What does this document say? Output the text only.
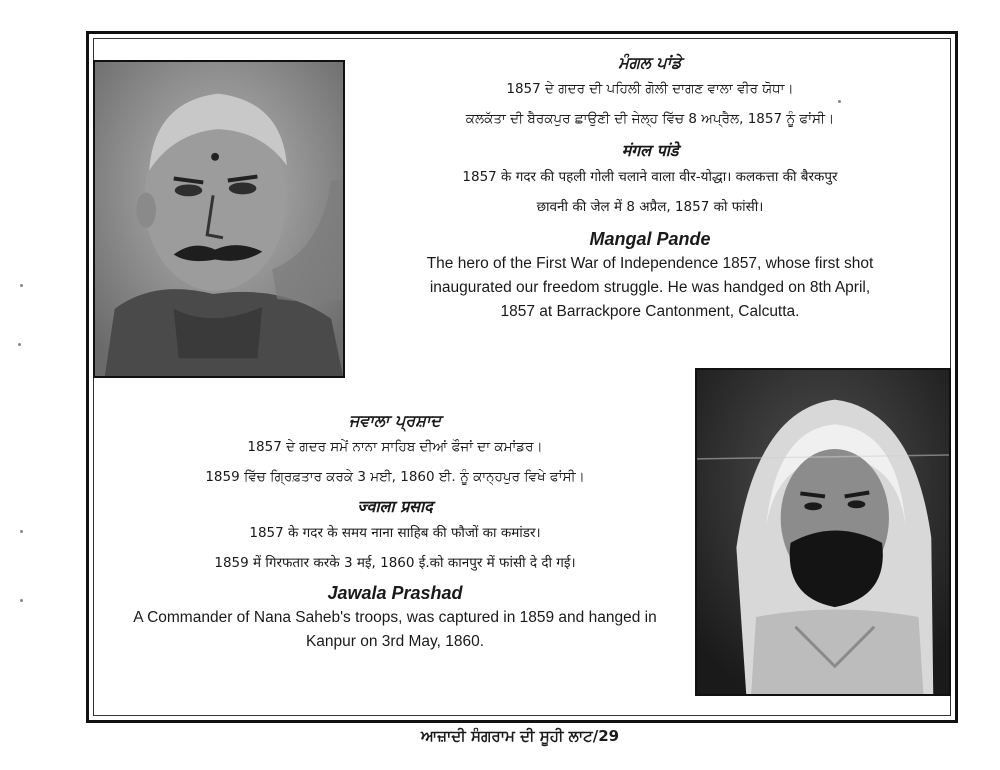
ਮੰਗਲ ਪਾਂਡੇ

1857 ਦੇ ਗਦਰ ਦੀ ਪਹਿਲੀ ਗੋਲੀ ਦਾਗਣ ਵਾਲਾ ਵੀਰ ਯੋਧਾ।

ਕਲਕੱਤਾ ਦੀ ਬੈਰਕਪੁਰ ਛਾਉਣੀ ਦੀ ਜੇਲ੍ਹ ਵਿੱਚ 8 ਅਪ੍ਰੈਲ, 1857 ਨੂੰ ਫਾਂਸੀ।

मंगल पांडे

1857 के गदर की पहली गोली चलाने वाला वीर-योद्धा। कलकत्ता की बैरकपुर

छावनी की जेल में 8 अप्रैल, 1857 को फांसी।

Mangal Pande

The hero of the First War of Independence 1857, whose first shot

inaugurated our freedom struggle. He was handged on 8th April,

1857 at Barrackpore Cantonment, Calcutta.

ਜਵਾਲਾ ਪ੍ਰਸ਼ਾਦ

1857 ਦੇ ਗਦਰ ਸਮੇਂ ਨਾਨਾ ਸਾਹਿਬ ਦੀਆਂ ਫੌਜਾਂ ਦਾ ਕਮਾਂਡਰ।

1859 ਵਿੱਚ ਗ੍ਰਿਫ਼ਤਾਰ ਕਰਕੇ 3 ਮਈ, 1860 ਈ. ਨੂੰ ਕਾਨ੍ਹਪੁਰ ਵਿਖੇ ਫਾਂਸੀ।

ज्वाला प्रसाद

1857 के गदर के समय नाना साहिब की फौजों का कमांडर।

1859 में गिरफतार करके 3 मई, 1860 ई.को कानपुर में फांसी दे दी गई।

Jawala Prashad

A Commander of Nana Saheb's troops, was captured in 1859 and hanged in

Kanpur on 3rd May, 1860.

ਆਜ਼ਾਦੀ ਸੰਗਰਾਮ ਦੀ ਸੂਹੀ ਲਾਟ/29
